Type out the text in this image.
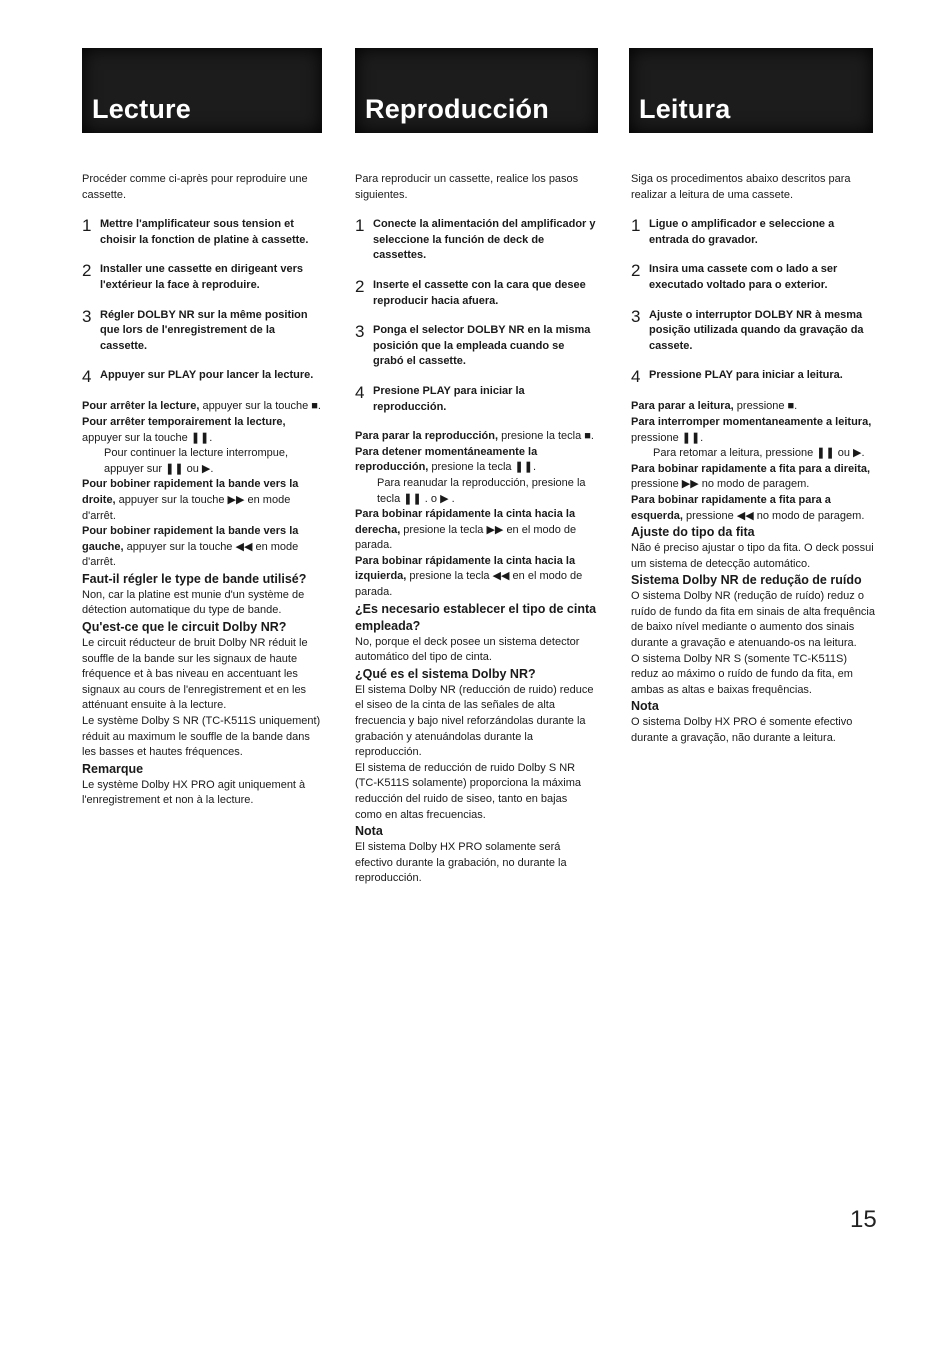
Lecture	Reproducción	Leitura

Procéder comme ci-après pour reproduire une cassette.

1 Mettre l'amplificateur sous tension et choisir la fonction de platine à cassette.
2 Installer une cassette en dirigeant vers l'extérieur la face à reproduire.
3 Régler DOLBY NR sur la même position que lors de l'enregistrement de la cassette.
4 Appuyer sur PLAY pour lancer la lecture.

Pour arrêter la lecture, appuyer sur la touche ■.

Pour arrêter temporairement la lecture, appuyer sur la touche ❚❚.

Pour continuer la lecture interrompue, appuyer sur ❚❚ ou ▶.

Pour bobiner rapidement la bande vers la droite, appuyer sur la touche ▶▶ en mode d'arrêt.

Pour bobiner rapidement la bande vers la gauche, appuyer sur la touche ◀◀ en mode d'arrêt.

Faut-il régler le type de bande utilisé?

Non, car la platine est munie d'un système de détection automatique du type de bande.

Qu'est-ce que le circuit Dolby NR?

Le circuit réducteur de bruit Dolby NR réduit le souffle de la bande sur les signaux de haute fréquence et à bas niveau en accentuant les signaux au cours de l'enregistrement et en les atténuant ensuite à la lecture.

Le système Dolby S NR (TC-K511S uniquement) réduit au maximum le souffle de la bande dans les basses et hautes fréquences.

Remarque

Le système Dolby HX PRO agit uniquement à l'enregistrement et non à la lecture.

Para reproducir un cassette, realice los pasos siguientes.

1 Conecte la alimentación del amplificador y seleccione la función de deck de cassettes.
2 Inserte el cassette con la cara que desee reproducir hacia afuera.
3 Ponga el selector DOLBY NR en la misma posición que la empleada cuando se grabó el cassette.
4 Presione PLAY para iniciar la reproducción.

Para parar la reproducción, presione la tecla ■.

Para detener momentáneamente la reproducción, presione la tecla ❚❚.

Para reanudar la reproducción, presione la tecla ❚❚ . o ▶ .

Para bobinar rápidamente la cinta hacia la derecha, presione la tecla ▶▶ en el modo de parada.

Para bobinar rápidamente la cinta hacia la izquierda, presione la tecla ◀◀ en el modo de parada.

¿Es necesario establecer el tipo de cinta empleada?

No, porque el deck posee un sistema detector automático del tipo de cinta.

¿Qué es el sistema Dolby NR?

El sistema Dolby NR (reducción de ruido) reduce el siseo de la cinta de las señales de alta frecuencia y bajo nivel reforzándolas durante la grabación y atenuándolas durante la reproducción.

El sistema de reducción de ruido Dolby S NR (TC-K511S solamente) proporciona la máxima reducción del ruido de siseo, tanto en bajas como en altas frecuencias.

Nota

El sistema Dolby HX PRO solamente será efectivo durante la grabación, no durante la reproducción.

Siga os procedimentos abaixo descritos para realizar a leitura de uma cassete.

1 Ligue o amplificador e seleccione a entrada do gravador.
2 Insira uma cassete com o lado a ser executado voltado para o exterior.
3 Ajuste o interruptor DOLBY NR à mesma posição utilizada quando da gravação da cassete.
4 Pressione PLAY para iniciar a leitura.

Para parar a leitura, pressione ■.

Para interromper momentaneamente a leitura, pressione ❚❚.

Para retomar a leitura, pressione ❚❚ ou ▶.

Para bobinar rapidamente a fita para a direita, pressione ▶▶ no modo de paragem.

Para bobinar rapidamente a fita para a esquerda, pressione ◀◀ no modo de paragem.

Ajuste do tipo da fita

Não é preciso ajustar o tipo da fita. O deck possui um sistema de detecção automático.

Sistema Dolby NR de redução de ruído

O sistema Dolby NR (redução de ruído) reduz o ruído de fundo da fita em sinais de alta frequência de baixo nível mediante o aumento dos sinais durante a gravação e atenuando-os na leitura.

O sistema Dolby NR S (somente TC-K511S) reduz ao máximo o ruído de fundo da fita, em ambas as altas e baixas frequências.

Nota

O sistema Dolby HX PRO é somente efectivo durante a gravação, não durante a leitura.

15
